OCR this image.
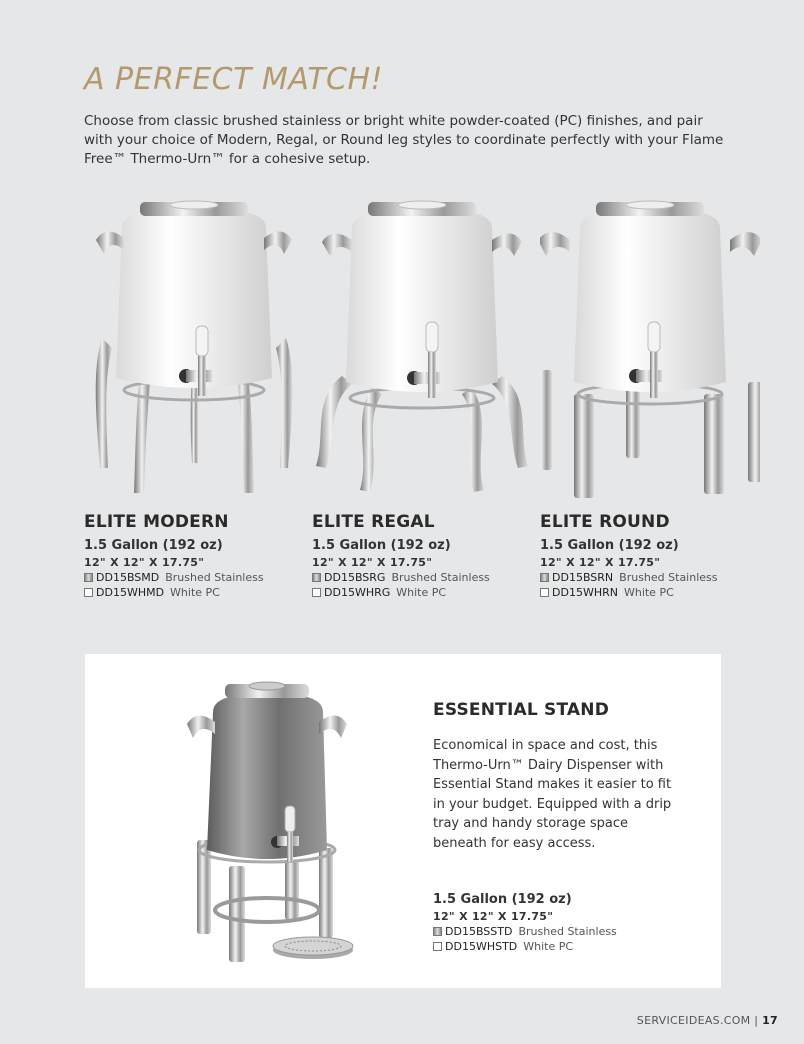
A PERFECT MATCH!
Choose from classic brushed stainless or bright white powder-coated (PC) finishes, and pair with your choice of Modern, Regal, or Round leg styles to coordinate perfectly with your Flame Free™ Thermo-Urn™ for a cohesive setup.
ELITE MODERN
1.5 Gallon (192 oz)
12" X 12" X 17.75"
DD15BSMD Brushed Stainless
DD15WHMD White PC
ELITE REGAL
1.5 Gallon (192 oz)
12" X 12" X 17.75"
DD15BSRG Brushed Stainless
DD15WHRG White PC
ELITE ROUND
1.5 Gallon (192 oz)
12" X 12" X 17.75"
DD15BSRN Brushed Stainless
DD15WHRN White PC
ESSENTIAL STAND
Economical in space and cost, this Thermo-Urn™ Dairy Dispenser with Essential Stand makes it easier to fit in your budget. Equipped with a drip tray and handy storage space beneath for easy access.
1.5 Gallon (192 oz)
12" X 12" X 17.75"
DD15BSSTD Brushed Stainless
DD15WHSTD White PC
SERVICEIDEAS.COM | 17
